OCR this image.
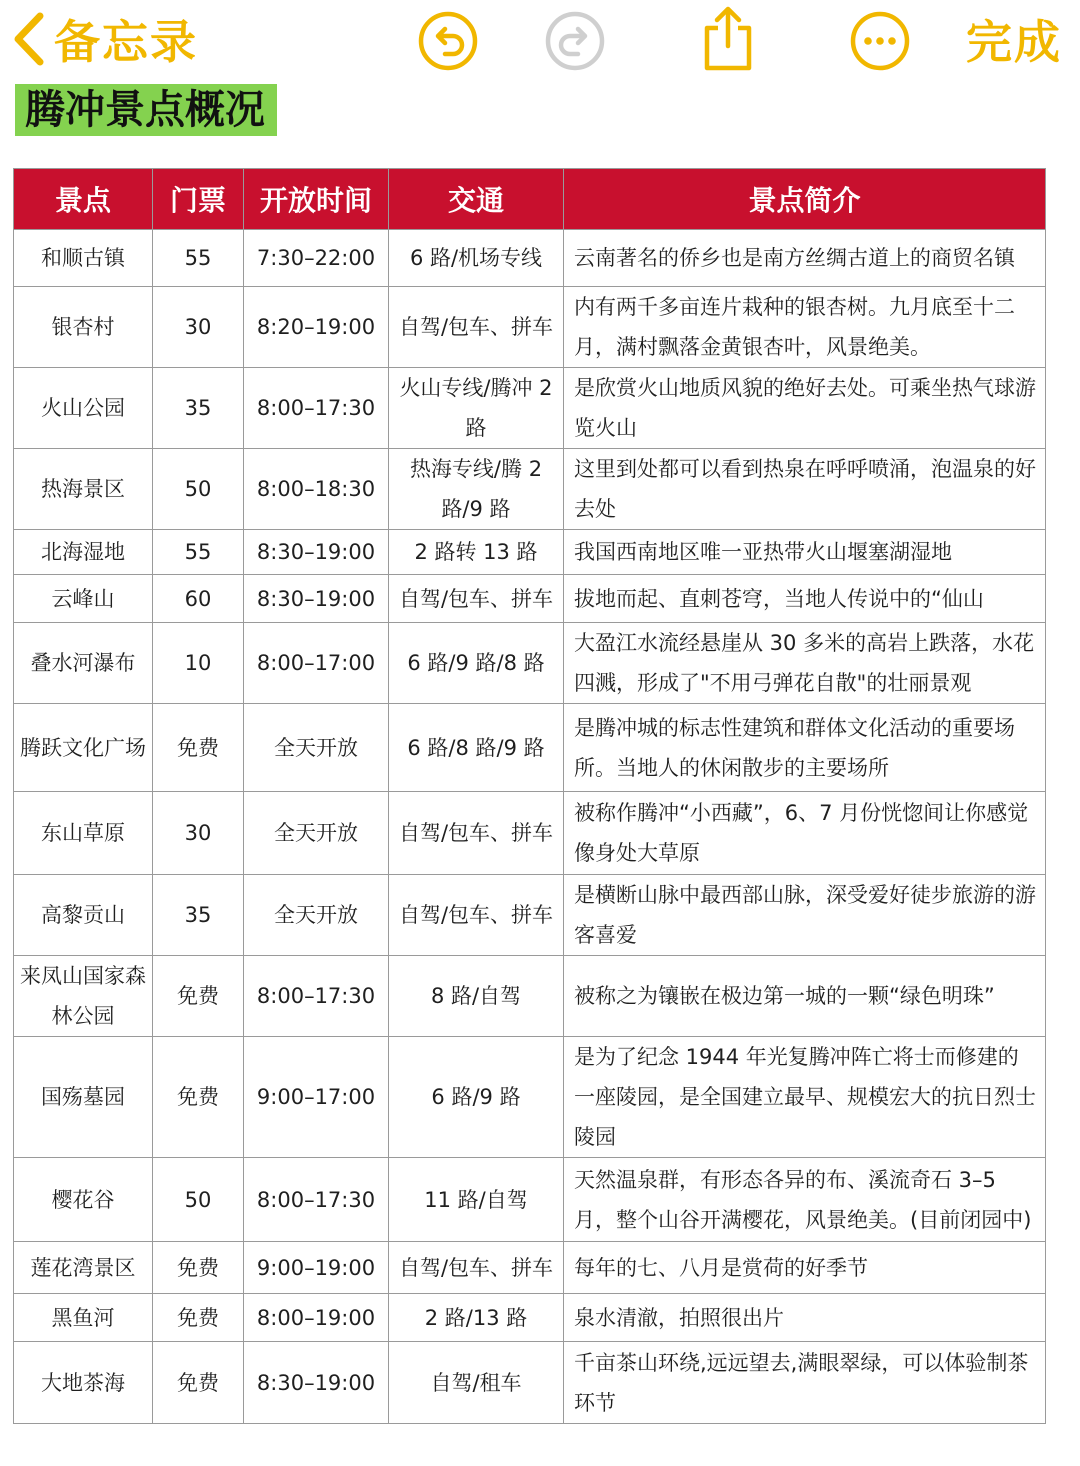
备忘录	完成
腾冲景点概况
景点	门票	开放时间	交通	景点简介
和顺古镇	55	7:30–22:00	6 路/机场专线	云南著名的侨乡也是南方丝绸古道上的商贸名镇
银杏村	30	8:20–19:00	自驾/包车、拼车	内有两千多亩连片栽种的银杏树。九月底至十二月，满村飘落金黄银杏叶，风景绝美。
火山公园	35	8:00–17:30	火山专线/腾冲 2 路	是欣赏火山地质风貌的绝好去处。可乘坐热气球游览火山
热海景区	50	8:00–18:30	热海专线/腾 2 路/9 路	这里到处都可以看到热泉在呼呼喷涌，泡温泉的好去处
北海湿地	55	8:30–19:00	2 路转 13 路	我国西南地区唯一亚热带火山堰塞湖湿地
云峰山	60	8:30–19:00	自驾/包车、拼车	拔地而起、直刺苍穹，当地人传说中的“仙山
叠水河瀑布	10	8:00–17:00	6 路/9 路/8 路	大盈江水流经悬崖从 30 多米的高岩上跌落，水花四溅，形成了"不用弓弹花自散"的壮丽景观
腾跃文化广场	免费	全天开放	6 路/8 路/9 路	是腾冲城的标志性建筑和群体文化活动的重要场所。当地人的休闲散步的主要场所
东山草原	30	全天开放	自驾/包车、拼车	被称作腾冲“小西藏”，6、7 月份恍惚间让你感觉像身处大草原
高黎贡山	35	全天开放	自驾/包车、拼车	是横断山脉中最西部山脉，深受爱好徒步旅游的游客喜爱
来凤山国家森林公园	免费	8:00–17:30	8 路/自驾	被称之为镶嵌在极边第一城的一颗“绿色明珠”
国殇墓园	免费	9:00–17:00	6 路/9 路	是为了纪念 1944 年光复腾冲阵亡将士而修建的一座陵园，是全国建立最早、规模宏大的抗日烈士陵园
樱花谷	50	8:00–17:30	11 路/自驾	天然温泉群，有形态各异的布、溪流奇石 3–5 月，整个山谷开满樱花，风景绝美。(目前闭园中)
莲花湾景区	免费	9:00–19:00	自驾/包车、拼车	每年的七、八月是赏荷的好季节
黑鱼河	免费	8:00–19:00	2 路/13 路	泉水清澈，拍照很出片
大地茶海	免费	8:30–19:00	自驾/租车	千亩茶山环绕,远远望去,满眼翠绿，可以体验制茶环节
